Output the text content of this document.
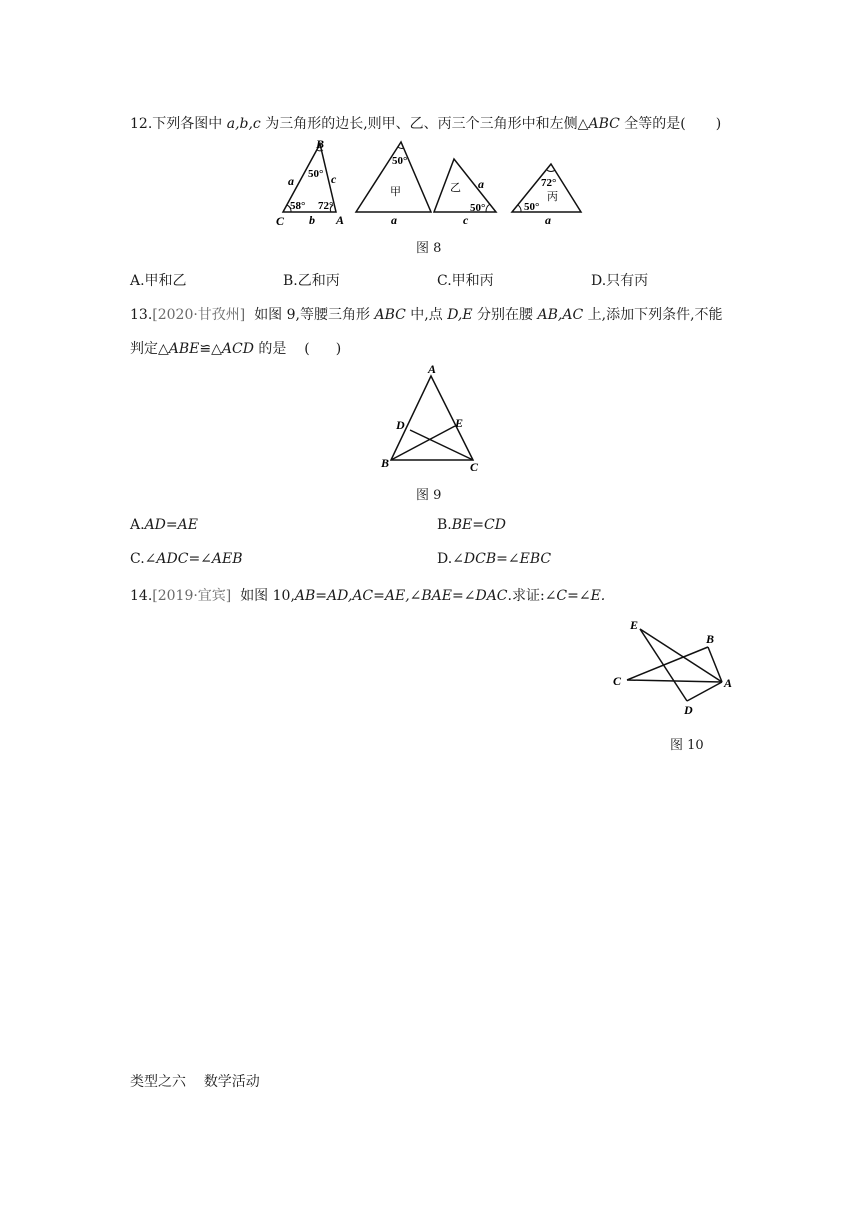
12.下列各图中 a,b,c 为三角形的边长,则甲、乙、丙三个三角形中和左侧△ABC 全等的是( )
B
50°
a	c
58° 72°
C b A
50°
甲
a
乙 a
50°
c
72°
丙
50°
a
图 8
A.甲和乙	B.乙和丙	C.甲和丙	D.只有丙
13.[2020·甘孜州] 如图 9,等腰三角形 ABC 中,点 D,E 分别在腰 AB,AC 上,添加下列条件,不能
判定△ABE≌△ACD 的是 ( )
A
D	E
B	C
图 9
A.AD=AE	B.BE=CD
C.∠ADC=∠AEB	D.∠DCB=∠EBC
14.[2019·宜宾] 如图 10,AB=AD,AC=AE,∠BAE=∠DAC.求证:∠C=∠E.
E
B
C	A
D
图 10
类型之六 数学活动
